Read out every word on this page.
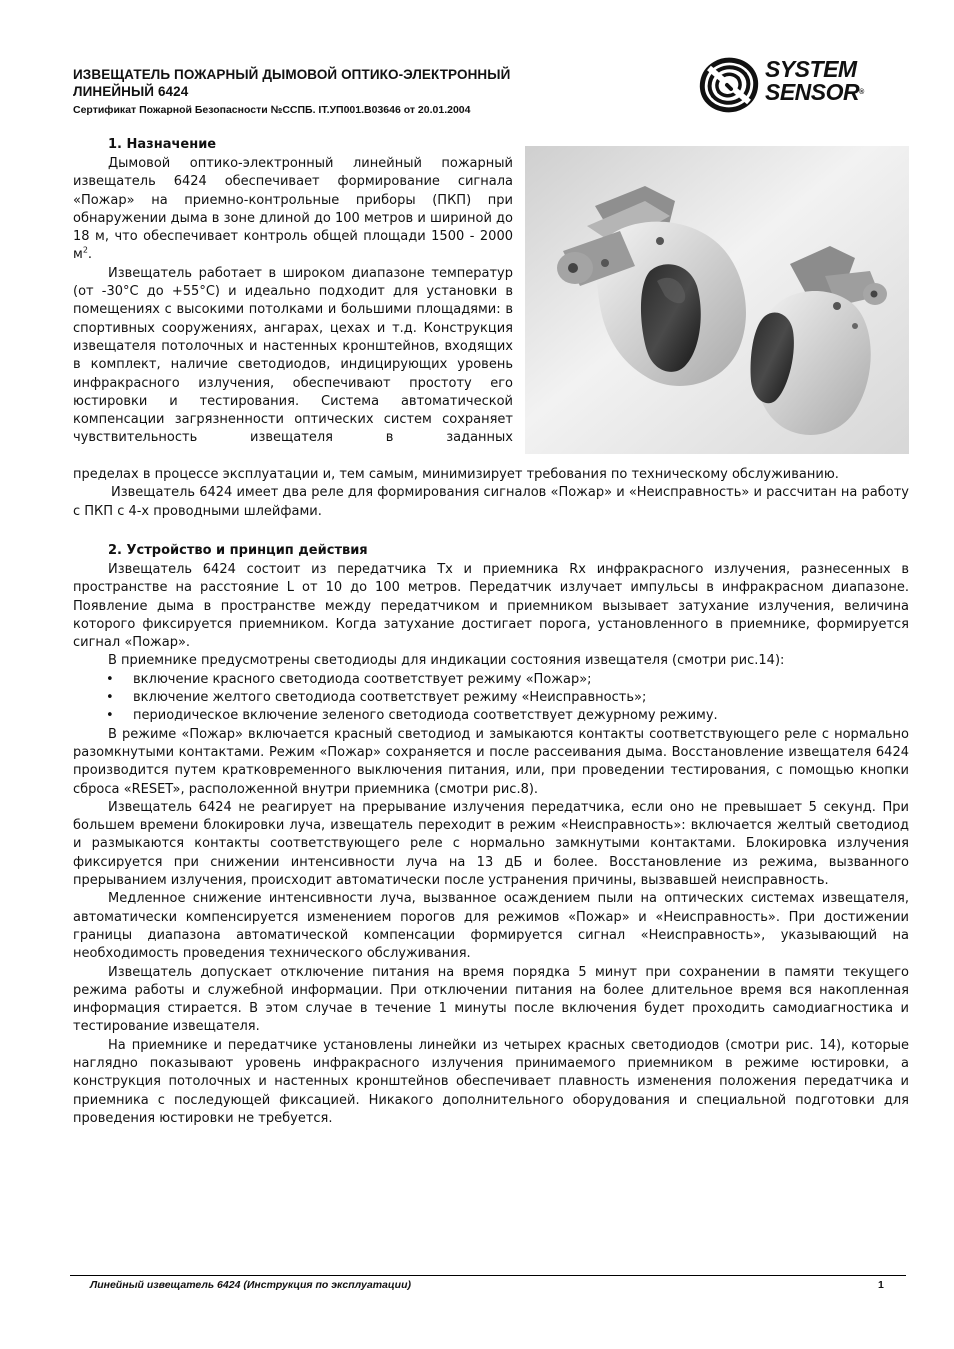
ИЗВЕЩАТЕЛЬ ПОЖАРНЫЙ ДЫМОВОЙ ОПТИКО-ЭЛЕКТРОННЫЙ
ЛИНЕЙНЫЙ 6424
Сертификат Пожарной Безопасности №ССПБ. IT.УП001.В03646 от 20.01.2004
SYSTEM
SENSOR®
1. Назначение

Дымовой оптико-электронный линейный пожарный извещатель 6424 обеспечивает формирование сигнала «Пожар» на приемно-контрольные приборы (ПКП) при обнаружении дыма в зоне длиной до 100 метров и шириной до 18 м, что обеспечивает контроль общей площади 1500 - 2000 $м^2$.

Извещатель работает в широком диапазоне температур (от -30°С до +55°С) и идеально подходит для установки в помещениях с высокими потолками и большими площадями: в спортивных сооружениях, ангарах, цехах и т.д. Конструкция извещателя потолочных и настенных кронштейнов, входящих в комплект, наличие светодиодов, индицирующих уровень инфракрасного излучения, обеспечивают простоту его юстировки и тестирования. Система автоматической компенсации загрязненности оптических систем сохраняет чувствительность извещателя в заданных

пределах в процессе эксплуатации и, тем самым, минимизирует требования по техническому обслуживанию.

Извещатель 6424 имеет два реле для формирования сигналов «Пожар» и «Неисправность» и рассчитан на работу с ПКП с 4-х проводными шлейфами.

2. Устройство и принцип действия

Извещатель 6424 состоит из передатчика Tx и приемника Rx инфракрасного излучения, разнесенных в пространстве на расстояние L от 10 до 100 метров. Передатчик излучает импульсы в инфракрасном диапазоне. Появление дыма в пространстве между передатчиком и приемником вызывает затухание излучения, величина которого фиксируется приемником. Когда затухание достигает порога, установленного в приемнике, формируется сигнал «Пожар».

В приемнике предусмотрены светодиоды для индикации состояния извещателя (смотри рис.14):

• включение красного светодиода соответствует режиму «Пожар»;
• включение желтого светодиода соответствует режиму «Неисправность»;
• периодическое включение зеленого светодиода соответствует дежурному режиму.

В режиме «Пожар» включается красный светодиод и замыкаются контакты соответствующего реле с нормально разомкнутыми контактами. Режим «Пожар» сохраняется и после рассеивания дыма. Восстановление извещателя 6424 производится путем кратковременного выключения питания, или, при проведении тестирования, с помощью кнопки сброса «RESET», расположенной внутри приемника (смотри рис.8).

Извещатель 6424 не реагирует на прерывание излучения передатчика, если оно не превышает 5 секунд. При большем времени блокировки луча, извещатель переходит в режим «Неисправность»: включается желтый светодиод и размыкаются контакты соответствующего реле с нормально замкнутыми контактами. Блокировка излучения фиксируется при снижении интенсивности луча на 13 дБ и более. Восстановление из режима, вызванного прерыванием излучения, происходит автоматически после устранения причины, вызвавшей неисправность.

Медленное снижение интенсивности луча, вызванное осаждением пыли на оптических системах извещателя, автоматически компенсируется изменением порогов для режимов «Пожар» и «Неисправность». При достижении границы диапазона автоматической компенсации формируется сигнал «Неисправность», указывающий на необходимость проведения технического обслуживания.

Извещатель допускает отключение питания на время порядка 5 минут при сохранении в памяти текущего режима работы и служебной информации. При отключении питания на более длительное время вся накопленная информация стирается. В этом случае в течение 1 минуты после включения будет проходить самодиагностика и тестирование извещателя.

На приемнике и передатчике установлены линейки из четырех красных светодиодов (смотри рис. 14), которые наглядно показывают уровень инфракрасного излучения принимаемого приемником в режиме юстировки, а конструкция потолочных и настенных кронштейнов обеспечивает плавность изменения положения передатчика и приемника с последующей фиксацией. Никакого дополнительного оборудования и специальной подготовки для проведения юстировки не требуется.

Линейный извещатель 6424 (Инструкция по эксплуатации)	1
